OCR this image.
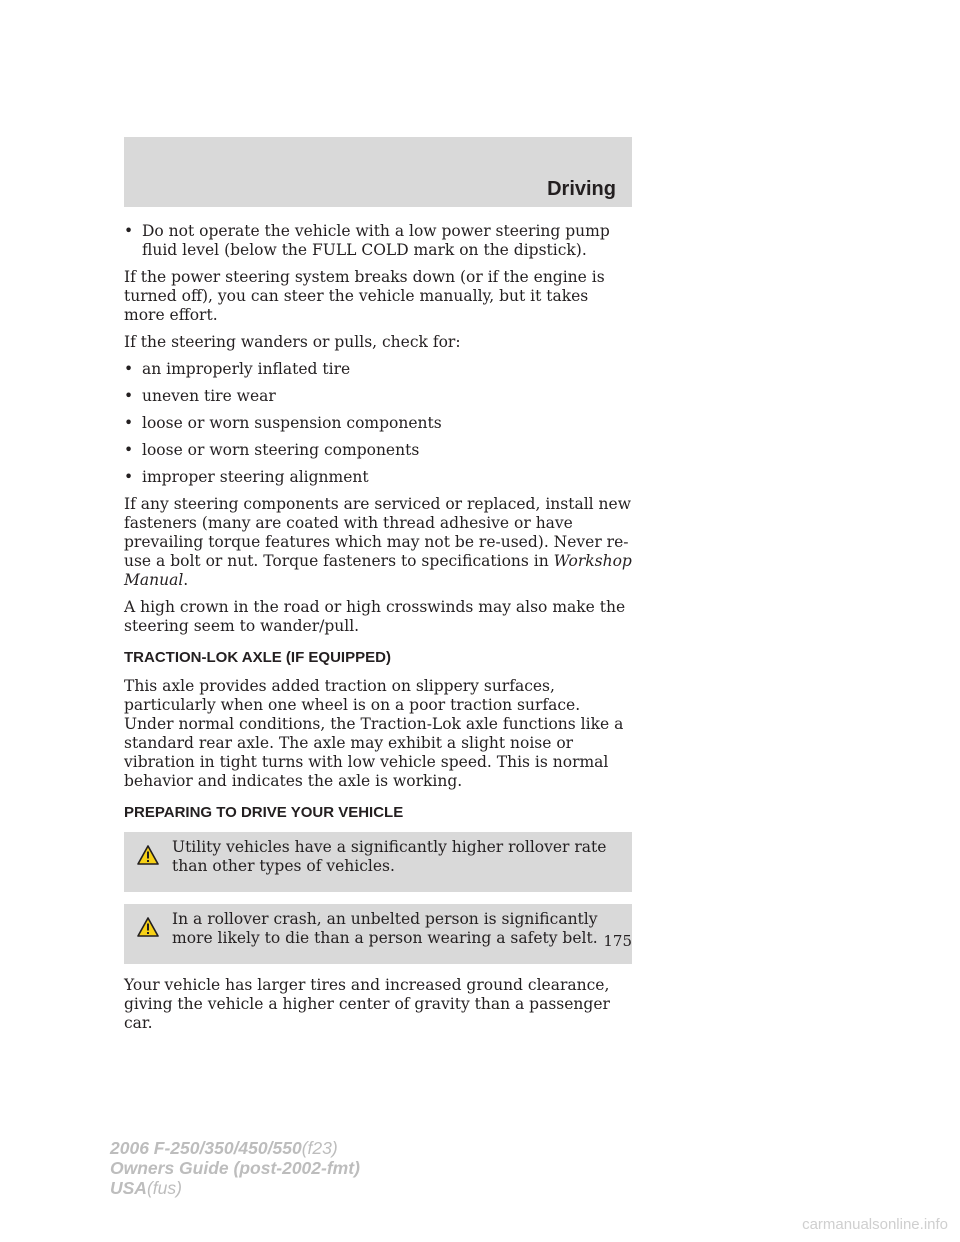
Driving
• Do not operate the vehicle with a low power steering pump fluid level (below the FULL COLD mark on the dipstick).

If the power steering system breaks down (or if the engine is turned off), you can steer the vehicle manually, but it takes more effort.

If the steering wanders or pulls, check for:

• an improperly inflated tire
• uneven tire wear
• loose or worn suspension components
• loose or worn steering components
• improper steering alignment

If any steering components are serviced or replaced, install new fasteners (many are coated with thread adhesive or have prevailing torque features which may not be re-used). Never re-use a bolt or nut. Torque fasteners to specifications in Workshop Manual.

A high crown in the road or high crosswinds may also make the steering seem to wander/pull.

TRACTION-LOK AXLE (IF EQUIPPED)

This axle provides added traction on slippery surfaces, particularly when one wheel is on a poor traction surface. Under normal conditions, the Traction-Lok axle functions like a standard rear axle. The axle may exhibit a slight noise or vibration in tight turns with low vehicle speed. This is normal behavior and indicates the axle is working.

PREPARING TO DRIVE YOUR VEHICLE
Utility vehicles have a significantly higher rollover rate than other types of vehicles.
In a rollover crash, an unbelted person is significantly more likely to die than a person wearing a safety belt.

Your vehicle has larger tires and increased ground clearance, giving the vehicle a higher center of gravity than a passenger car.

175
2006 F-250/350/450/550(f23)
Owners Guide (post-2002-fmt)
USA(fus)
carmanualsonline.info
